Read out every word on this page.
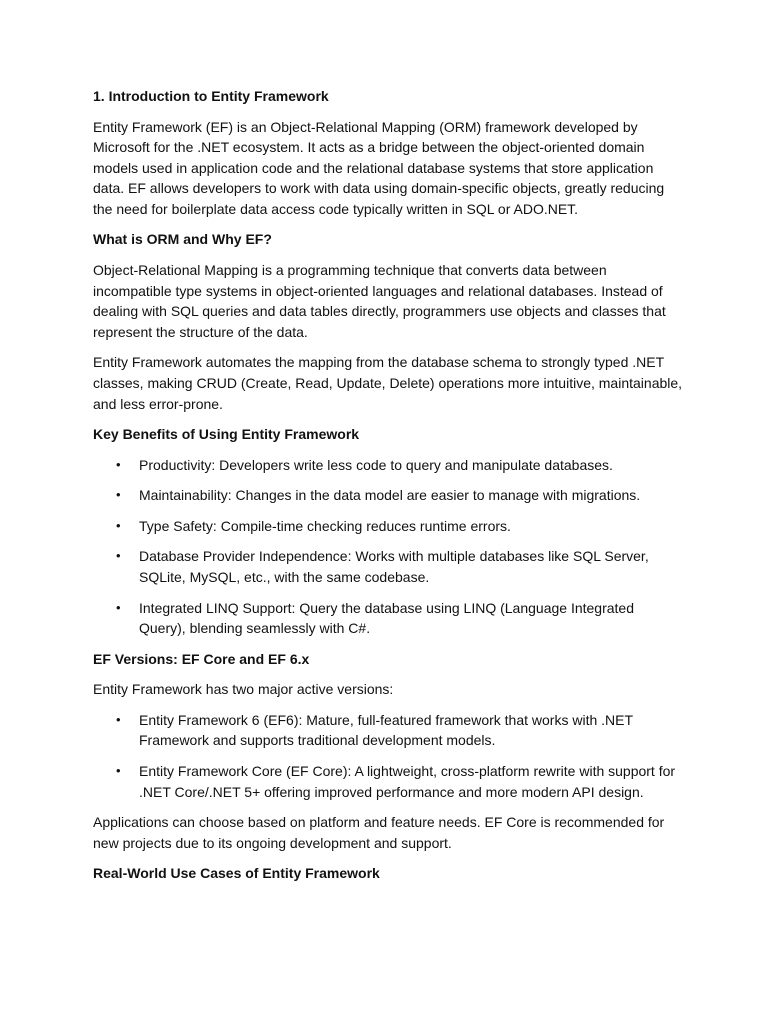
1. Introduction to Entity Framework

Entity Framework (EF) is an Object-Relational Mapping (ORM) framework developed by Microsoft for the .NET ecosystem. It acts as a bridge between the object-oriented domain models used in application code and the relational database systems that store application data. EF allows developers to work with data using domain-specific objects, greatly reducing the need for boilerplate data access code typically written in SQL or ADO.NET.

What is ORM and Why EF?

Object-Relational Mapping is a programming technique that converts data between incompatible type systems in object-oriented languages and relational databases. Instead of dealing with SQL queries and data tables directly, programmers use objects and classes that represent the structure of the data.

Entity Framework automates the mapping from the database schema to strongly typed .NET classes, making CRUD (Create, Read, Update, Delete) operations more intuitive, maintainable, and less error-prone.

Key Benefits of Using Entity Framework
• Productivity: Developers write less code to query and manipulate databases.
• Maintainability: Changes in the data model are easier to manage with migrations.
• Type Safety: Compile-time checking reduces runtime errors.
• Database Provider Independence: Works with multiple databases like SQL Server, SQLite, MySQL, etc., with the same codebase.
• Integrated LINQ Support: Query the database using LINQ (Language Integrated Query), blending seamlessly with C#.
EF Versions: EF Core and EF 6.x

Entity Framework has two major active versions:

• Entity Framework 6 (EF6): Mature, full-featured framework that works with .NET Framework and supports traditional development models.
• Entity Framework Core (EF Core): A lightweight, cross-platform rewrite with support for .NET Core/.NET 5+ offering improved performance and more modern API design.

Applications can choose based on platform and feature needs. EF Core is recommended for new projects due to its ongoing development and support.

Real-World Use Cases of Entity Framework
